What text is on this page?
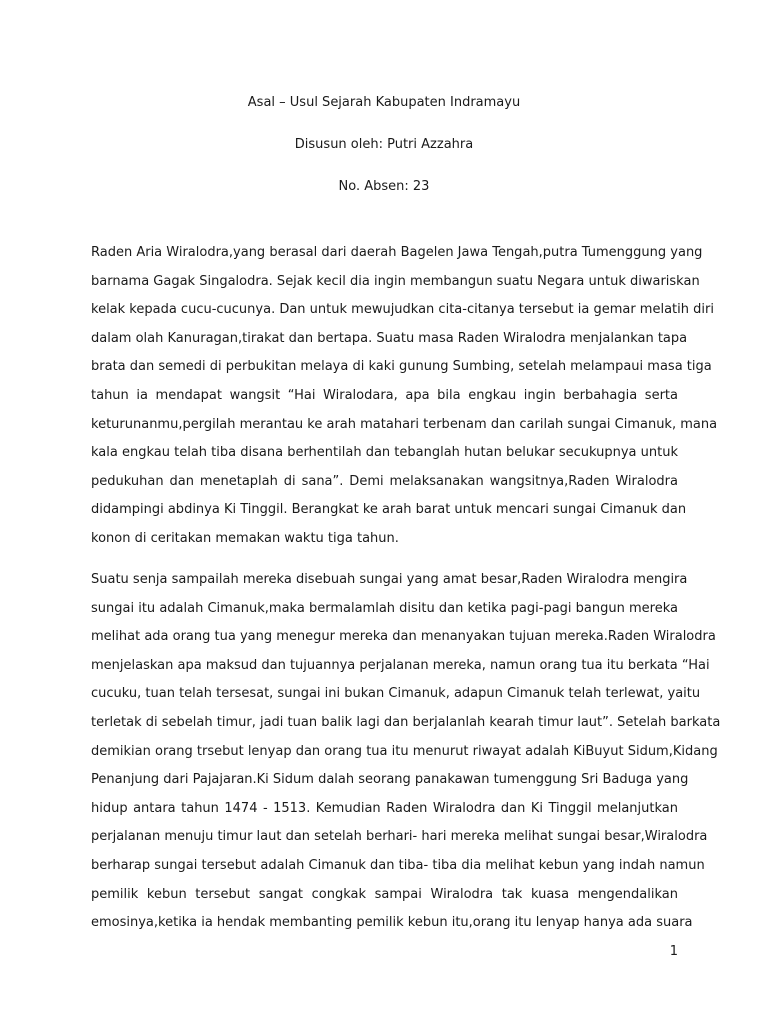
Asal – Usul Sejarah Kabupaten Indramayu
Disusun oleh: Putri Azzahra
No. Absen: 23
Raden Aria Wiralodra,yang berasal dari daerah Bagelen Jawa Tengah,putra Tumenggung yang
barnama Gagak Singalodra. Sejak kecil dia ingin membangun suatu Negara untuk diwariskan
kelak kepada cucu-cucunya. Dan untuk mewujudkan cita-citanya tersebut ia gemar melatih diri
dalam olah Kanuragan,tirakat dan bertapa. Suatu masa Raden Wiralodra menjalankan tapa
brata dan semedi di perbukitan melaya di kaki gunung Sumbing, setelah melampaui masa tiga
tahun ia mendapat wangsit “Hai Wiralodara, apa bila engkau ingin berbahagia serta
keturunanmu,pergilah merantau ke arah matahari terbenam dan carilah sungai Cimanuk, mana
kala engkau telah tiba disana berhentilah dan tebanglah hutan belukar secukupnya untuk
pedukuhan dan menetaplah di sana”. Demi melaksanakan wangsitnya,Raden Wiralodra
didampingi abdinya Ki Tinggil. Berangkat ke arah barat untuk mencari sungai Cimanuk dan
konon di ceritakan memakan waktu tiga tahun.
Suatu senja sampailah mereka disebuah sungai yang amat besar,Raden Wiralodra mengira
sungai itu adalah Cimanuk,maka bermalamlah disitu dan ketika pagi-pagi bangun mereka
melihat ada orang tua yang menegur mereka dan menanyakan tujuan mereka.Raden Wiralodra
menjelaskan apa maksud dan tujuannya perjalanan mereka, namun orang tua itu berkata “Hai
cucuku, tuan telah tersesat, sungai ini bukan Cimanuk, adapun Cimanuk telah terlewat, yaitu
terletak di sebelah timur, jadi tuan balik lagi dan berjalanlah kearah timur laut”. Setelah barkata
demikian orang trsebut lenyap dan orang tua itu menurut riwayat adalah KiBuyut Sidum,Kidang
Penanjung dari Pajajaran.Ki Sidum dalah seorang panakawan tumenggung Sri Baduga yang
hidup antara tahun 1474 - 1513. Kemudian Raden Wiralodra dan Ki Tinggil melanjutkan
perjalanan menuju timur laut dan setelah berhari- hari mereka melihat sungai besar,Wiralodra
berharap sungai tersebut adalah Cimanuk dan tiba- tiba dia melihat kebun yang indah namun
pemilik kebun tersebut sangat congkak sampai Wiralodra tak kuasa mengendalikan
emosinya,ketika ia hendak membanting pemilik kebun itu,orang itu lenyap hanya ada suara
1
